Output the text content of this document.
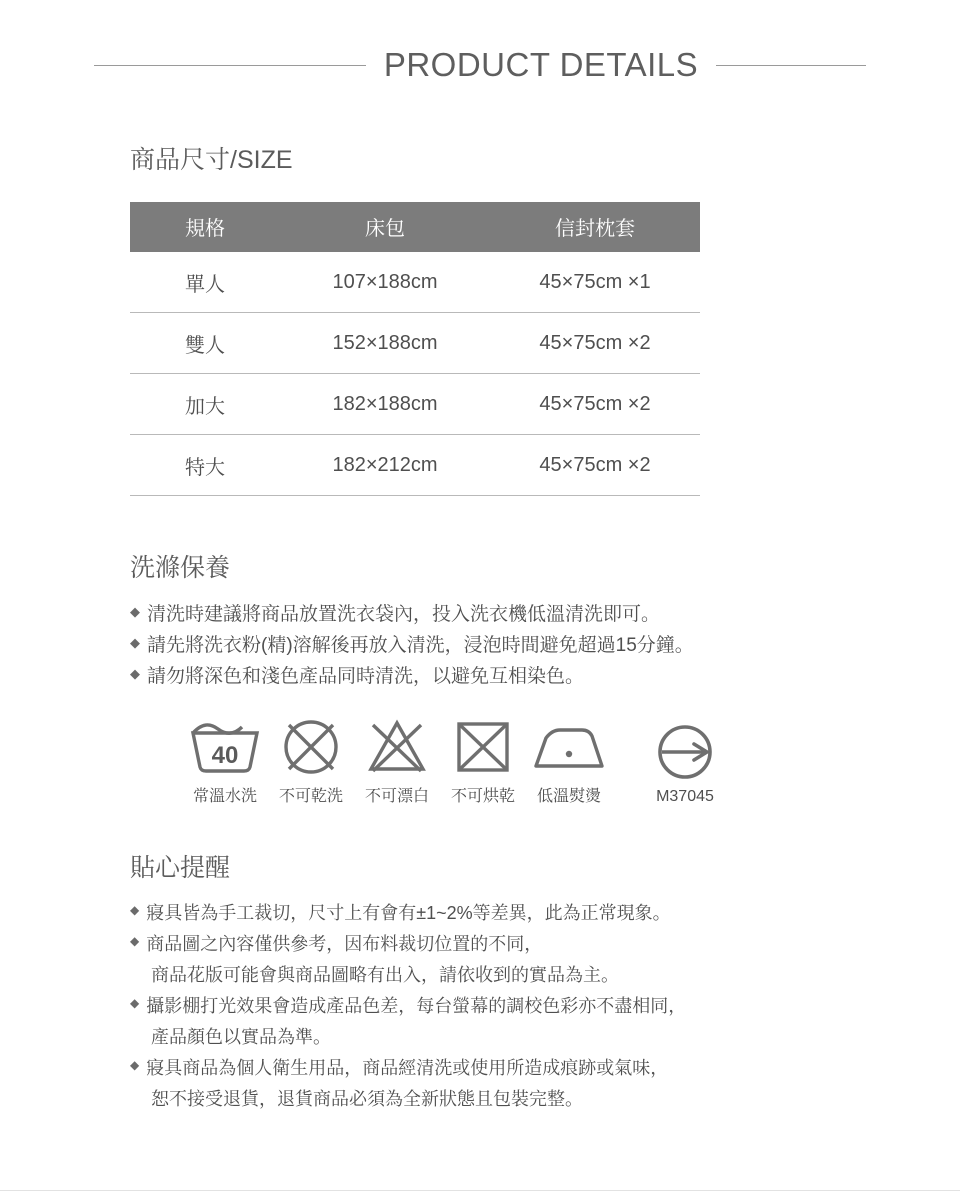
PRODUCT DETAILS
商品尺寸/SIZE
規格	床包	信封枕套
單人	107×188cm	45×75cm ×1
雙人	152×188cm	45×75cm ×2
加大	182×188cm	45×75cm ×2
特大	182×212cm	45×75cm ×2
洗滌保養
◆ 清洗時建議將商品放置洗衣袋內，投入洗衣機低溫清洗即可。
◆ 請先將洗衣粉(精)溶解後再放入清洗，浸泡時間避免超過15分鐘。
◆ 請勿將深色和淺色產品同時清洗，以避免互相染色。
40
常溫水洗 不可乾洗 不可漂白 不可烘乾 低溫熨燙	M37045
貼心提醒
◆ 寢具皆為手工裁切，尺寸上有會有±1~2%等差異，此為正常現象。
◆ 商品圖之內容僅供參考，因布料裁切位置的不同，
商品花版可能會與商品圖略有出入，請依收到的實品為主。
◆ 攝影棚打光效果會造成產品色差，每台螢幕的調校色彩亦不盡相同，
產品顏色以實品為準。
◆ 寢具商品為個人衛生用品，商品經清洗或使用所造成痕跡或氣味，
恕不接受退貨，退貨商品必須為全新狀態且包裝完整。
